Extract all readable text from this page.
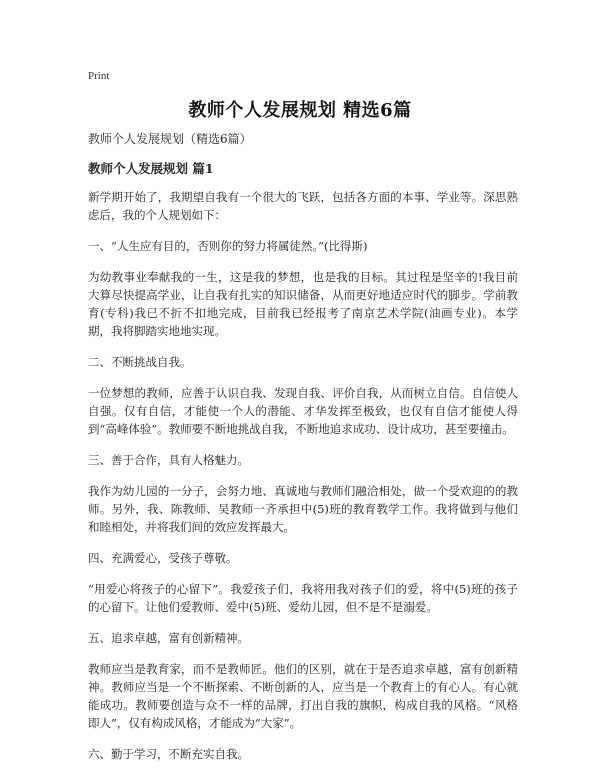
Print
教师个人发展规划 精选6篇

教师个人发展规划（精选6篇）

教师个人发展规划 篇1

新学期开始了，我期望自我有一个很大的飞跃，包括各方面的本事、学业等。深思熟虑后，我的个人规划如下：

一、“人生应有目的，否则你的努力将属徒然。”(比得斯)

为幼教事业奉献我的一生，这是我的梦想，也是我的目标。其过程是坚辛的!我目前大算尽快提高学业，让自我有扎实的知识储备，从而更好地适应时代的脚步。学前教育(专科)我已不折不扣地完成，目前我已经报考了南京艺术学院(油画专业)。本学期，我将脚踏实地地实现。

二、不断挑战自我。

一位梦想的教师，应善于认识自我、发现自我、评价自我，从而树立自信。自信使人自强。仅有自信，才能使一个人的潜能、才华发挥至极致，也仅有自信才能使人得到“高峰体验”。教师要不断地挑战自我，不断地追求成功、设计成功，甚至要撞击。

三、善于合作，具有人格魅力。

我作为幼儿园的一分子，会努力地、真诚地与教师们融洽相处，做一个受欢迎的的教师。另外，我、陈教师、吴教师一齐承担中(5)班的教育教学工作。我将做到与他们和睦相处，并将我们间的效应发挥最大。

四、充满爱心，受孩子尊敬。

“用爱心将孩子的心留下”。我爱孩子们，我将用我对孩子们的爱，将中(5)班的孩子的心留下。让他们爱教师、爱中(5)班、爱幼儿园，但不是不是溺爱。

五、追求卓越，富有创新精神。

教师应当是教育家，而不是教师匠。他们的区别，就在于是否追求卓越，富有创新精神。教师应当是一个不断探索、不断创新的人，应当是一个教育上的有心人。有心就能成功。教师要创造与众不一样的品牌，打出自我的旗帜，构成自我的风格。“风格即人”，仅有构成风格，才能成为“大家”。

六、勤于学习，不断充实自我。
